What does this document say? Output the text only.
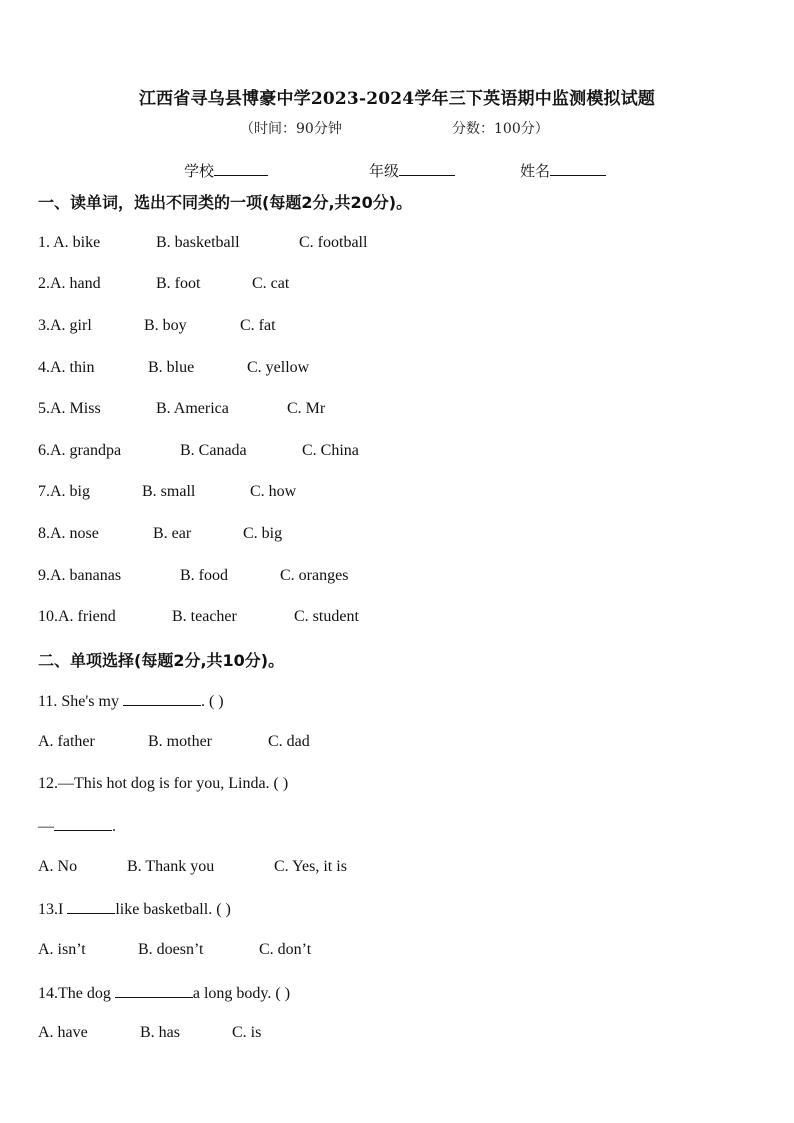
江西省寻乌县博豪中学2023-2024学年三下英语期中监测模拟试题
（时间：90分钟	分数：100分）
学校	年级	姓名
一、读单词，选出不同类的一项(每题2分,共20分)。
1. A. bike	B. basketball	C. football
2.A. hand	B. foot	C. cat
3.A. girl	B. boy	C. fat
4.A. thin	B. blue	C. yellow
5.A. Miss	B. America	C. Mr
6.A. grandpa	B. Canada	C. China
7.A. big	B. small	C. how
8.A. nose	B. ear	C. big
9.A. bananas	B. food	C. oranges
10.A. friend	B. teacher	C. student
二、单项选择(每题2分,共10分)。
11. She's my	. ( )
A. father	B. mother	C. dad
12.—This hot dog is for you, Linda. ( )
—	.
A. No	B. Thank you	C. Yes, it is
13.I	like basketball. ( )
A. isn’t	B. doesn’t	C. don’t
14.The dog	a long body. ( )
A. have	B. has	C. is
